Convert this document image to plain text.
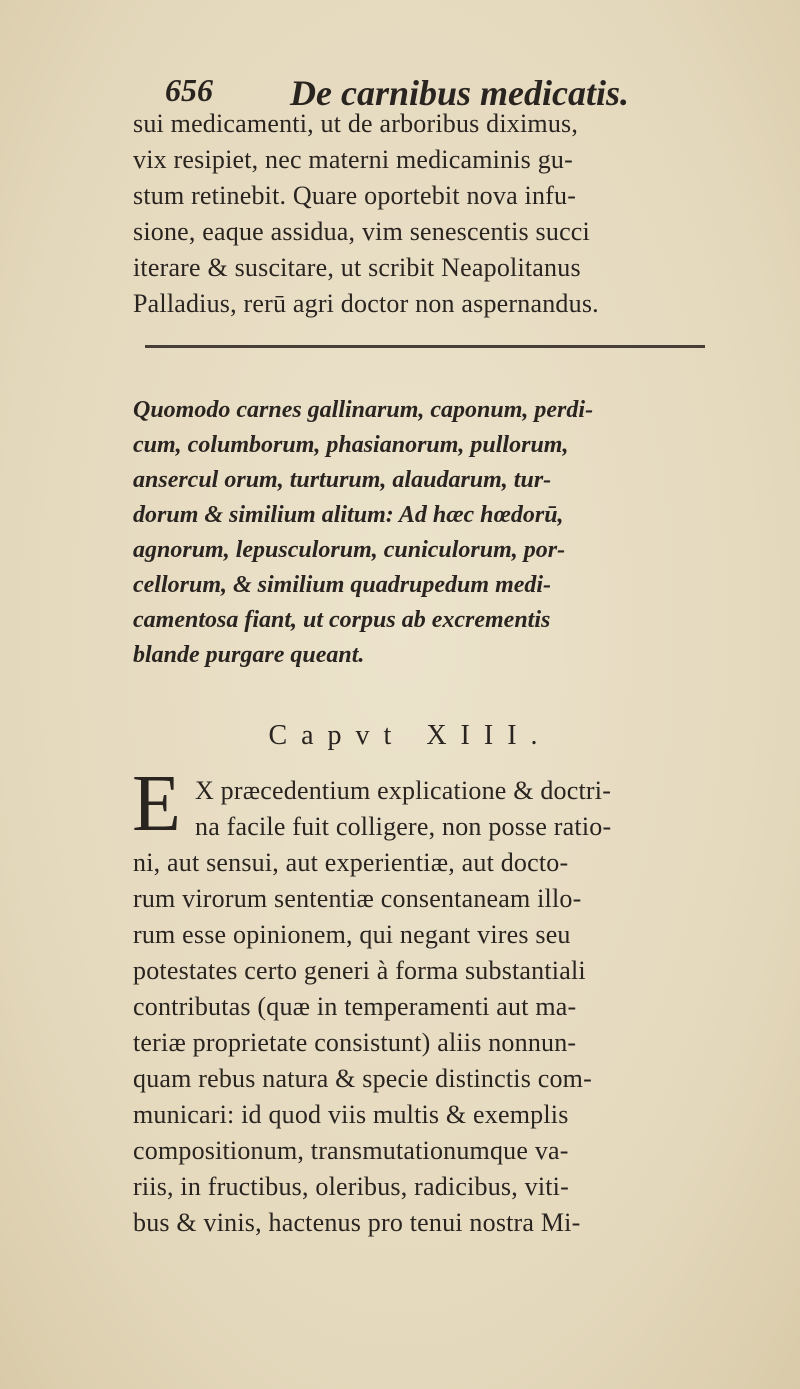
656 De carnibus medicatis.
sui medicamenti, ut de arboribus diximus,
vix resipiet, nec materni medicaminis gu-
stum retinebit. Quare oportebit nova infu-
sione, eaque assidua, vim senescentis succi
iterare & suscitare, ut scribit Neapolitanus
Palladius, rerū agri doctor non aspernandus.
Quomodo carnes gallinarum, caponum, perdi-
cum, columborum, phasianorum, pullorum,
ansercul orum, turturum, alaudarum, tur-
dorum & similium alitum: Ad hæc hœdorū,
agnorum, lepusculorum, cuniculorum, por-
cellorum, & similium quadrupedum medi-
camentosa fiant, ut corpus ab excrementis
blande purgare queant.
Capvt XIII.
E X præcedentium explicatione & doctri-
na facile fuit colligere, non posse ratio-
ni, aut sensui, aut experientiæ, aut docto-
rum virorum sententiæ consentaneam illo-
rum esse opinionem, qui negant vires seu
potestates certo generi à forma substantiali
contributas (quæ in temperamenti aut ma-
teriæ proprietate consistunt) aliis nonnun-
quam rebus natura & specie distinctis com-
municari: id quod viis multis & exemplis
compositionum, transmutationumque va-
riis, in fructibus, oleribus, radicibus, viti-
bus & vinis, hactenus pro tenui nostra Mi-
